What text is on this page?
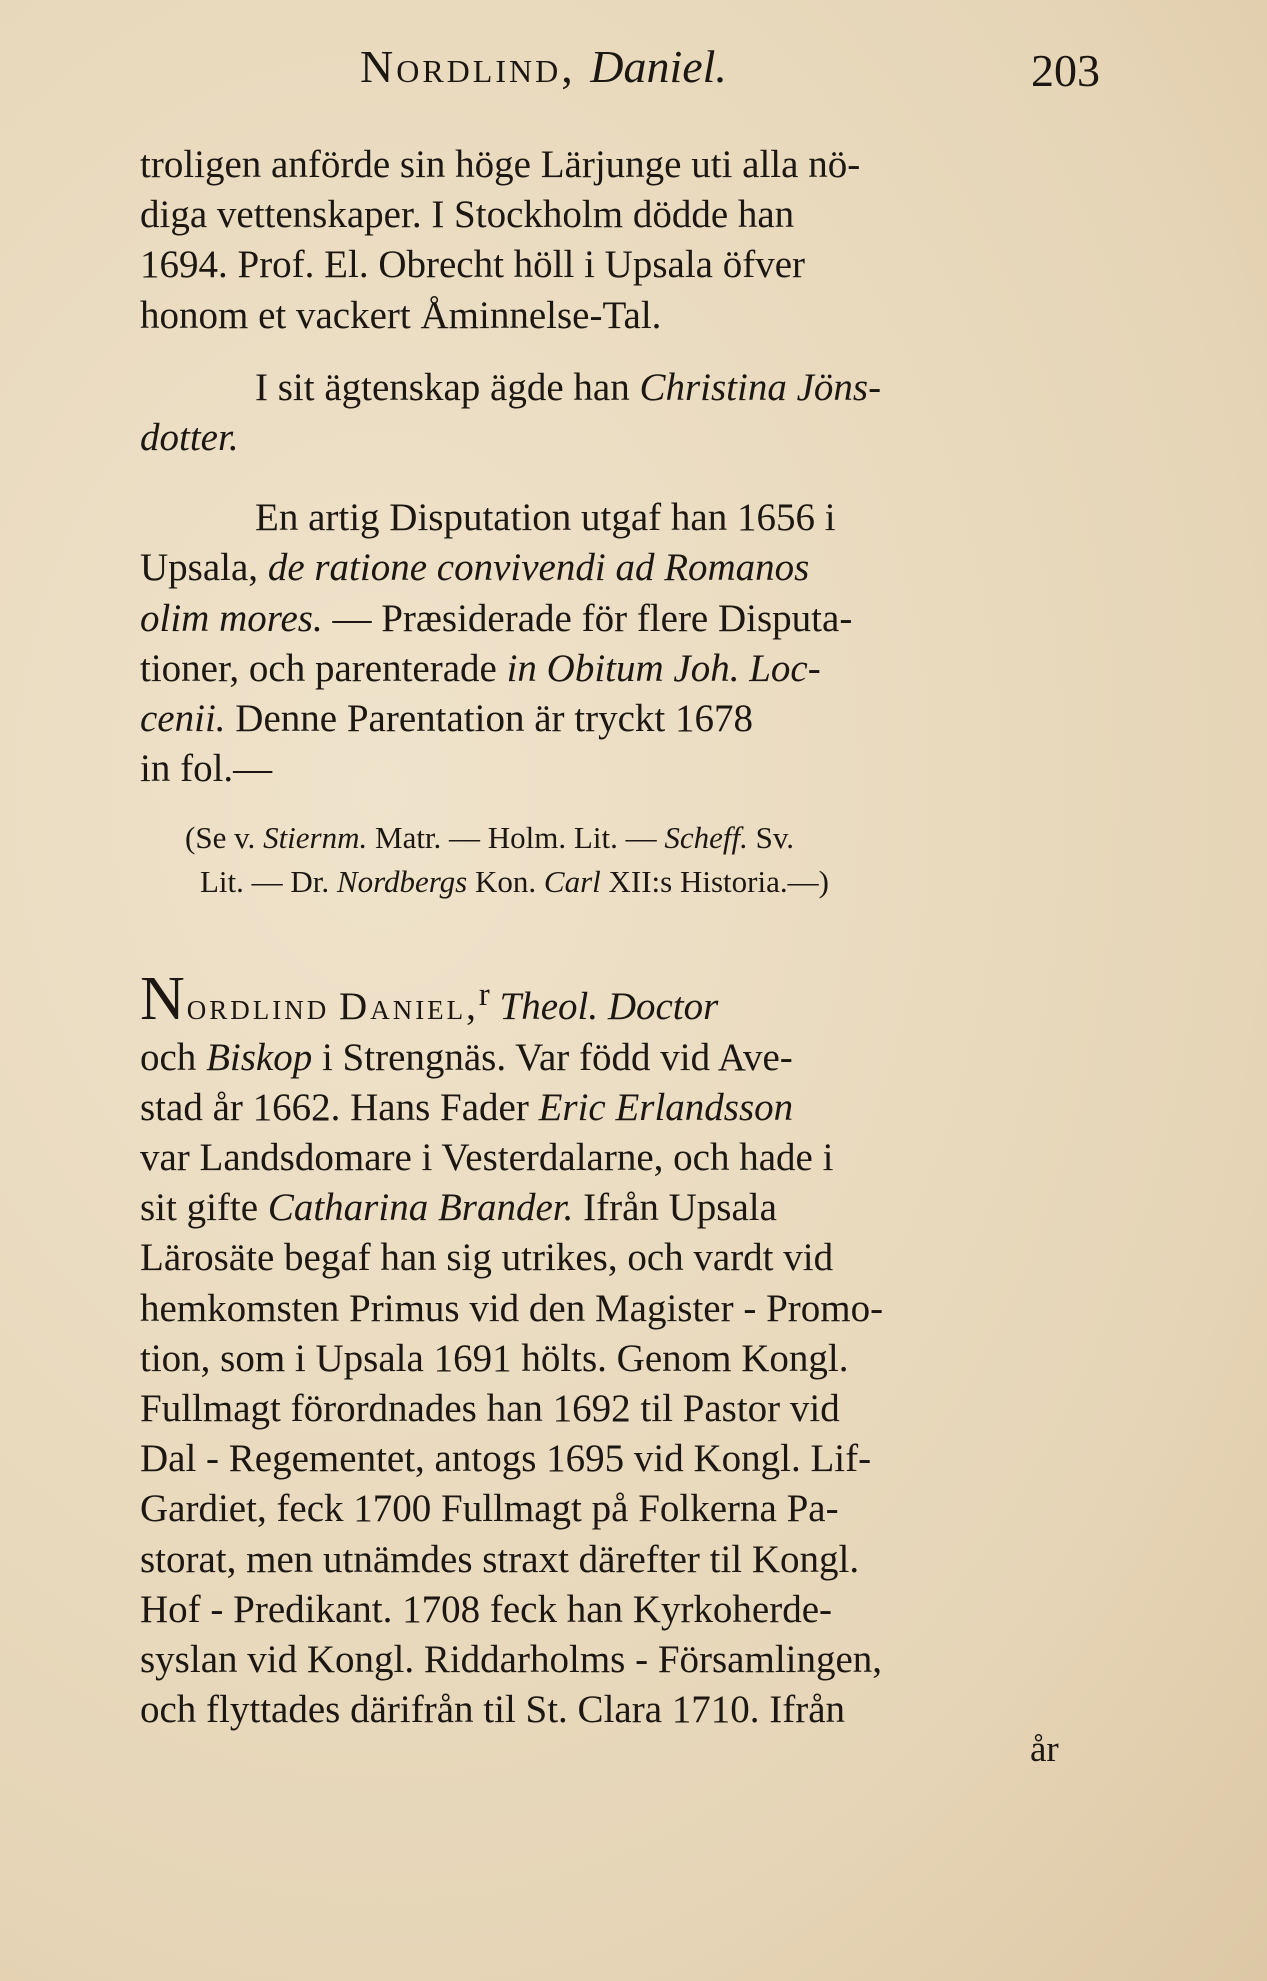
Nordlind, Daniel.	203

troligen anförde sin höge Lärjunge uti alla nö-

diga vettenskaper. I Stockholm dödde han

1694. Prof. El. Obrecht höll i Upsala öfver

honom et vackert Åminnelse-Tal.

I sit ägtenskap ägde han Christina Jöns-

dotter.

En artig Disputation utgaf han 1656 i

Upsala, de ratione convivendi ad Romanos

olim mores. — Præsiderade för flere Disputa-

tioner, och parenterade in Obitum Joh. Loc-

cenii. Denne Parentation är tryckt 1678

in fol.—

(Se v. Stiernm. Matr. — Holm. Lit. — Scheff. Sv.

Lit. — Dr. Nordbergs Kon. Carl XII:s Historia.—)

Nordlind Daniel,$^r$ Theol. Doctor

och Biskop i Strengnäs. Var född vid Ave-

stad år 1662. Hans Fader Eric Erlandsson

var Landsdomare i Vesterdalarne, och hade i

sit gifte Catharina Brander. Ifrån Upsala

Lärosäte begaf han sig utrikes, och vardt vid

hemkomsten Primus vid den Magister - Promo-

tion, som i Upsala 1691 hölts. Genom Kongl.

Fullmagt förordnades han 1692 til Pastor vid

Dal - Regementet, antogs 1695 vid Kongl. Lif-

Gardiet, feck 1700 Fullmagt på Folkerna Pa-

storat, men utnämdes straxt därefter til Kongl.

Hof - Predikant. 1708 feck han Kyrkoherde-

syslan vid Kongl. Riddarholms - Församlingen,

och flyttades därifrån til St. Clara 1710. Ifrån

år
